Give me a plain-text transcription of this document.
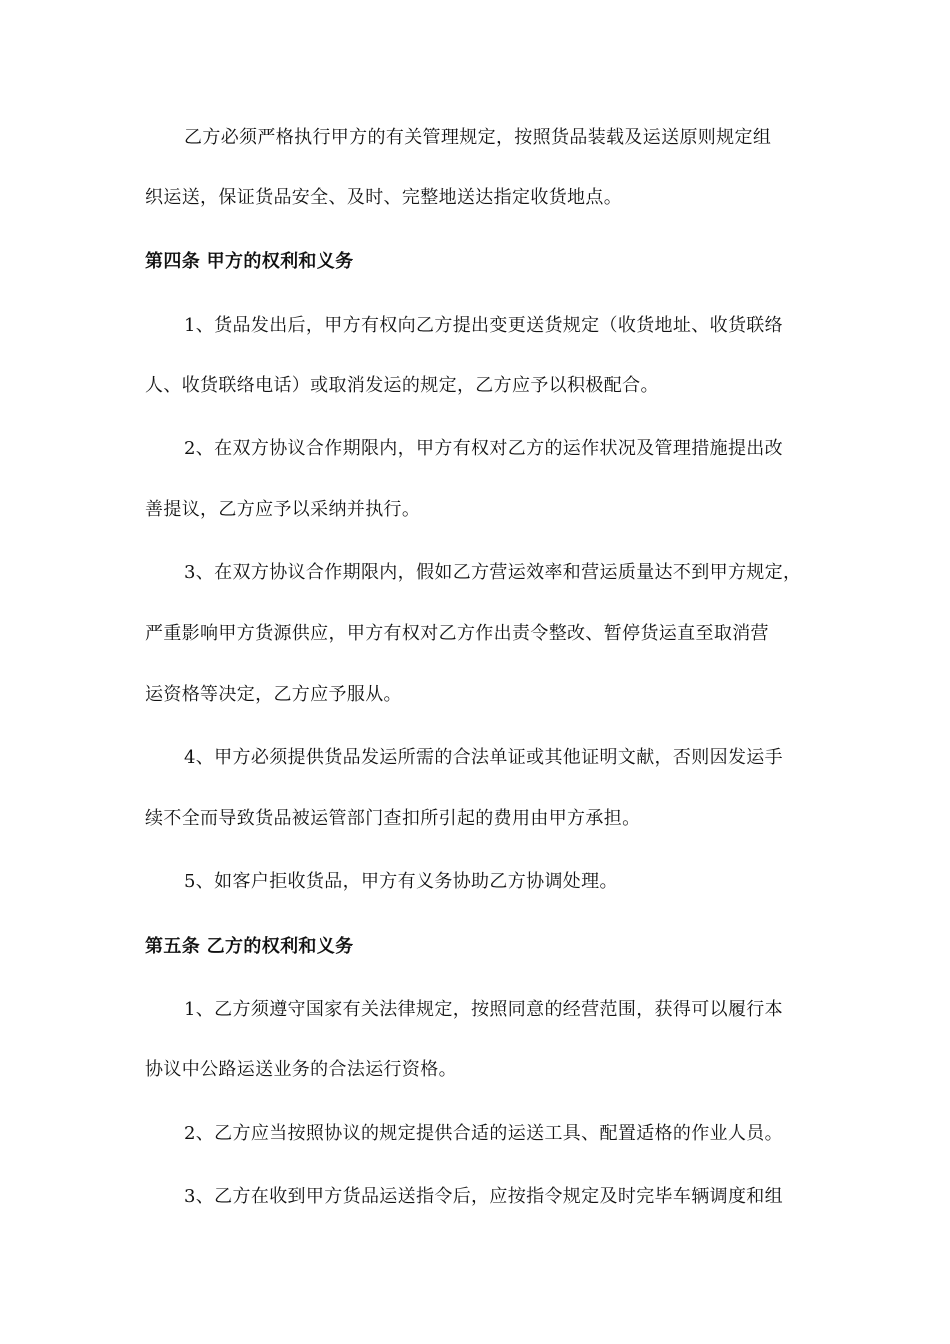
乙方必须严格执行甲方的有关管理规定，按照货品装载及运送原则规定组
织运送，保证货品安全、及时、完整地送达指定收货地点。
第四条 甲方的权利和义务
1、货品发出后，甲方有权向乙方提出变更送货规定（收货地址、收货联络
人、收货联络电话）或取消发运的规定，乙方应予以积极配合。
2、在双方协议合作期限内，甲方有权对乙方的运作状况及管理措施提出改
善提议，乙方应予以采纳并执行。
3、在双方协议合作期限内，假如乙方营运效率和营运质量达不到甲方规定，
严重影响甲方货源供应，甲方有权对乙方作出责令整改、暂停货运直至取消营
运资格等决定，乙方应予服从。
4、甲方必须提供货品发运所需的合法单证或其他证明文献，否则因发运手
续不全而导致货品被运管部门查扣所引起的费用由甲方承担。
5、如客户拒收货品，甲方有义务协助乙方协调处理。
第五条 乙方的权利和义务
1、乙方须遵守国家有关法律规定，按照同意的经营范围，获得可以履行本
协议中公路运送业务的合法运行资格。
2、乙方应当按照协议的规定提供合适的运送工具、配置适格的作业人员。
3、乙方在收到甲方货品运送指令后，应按指令规定及时完毕车辆调度和组
